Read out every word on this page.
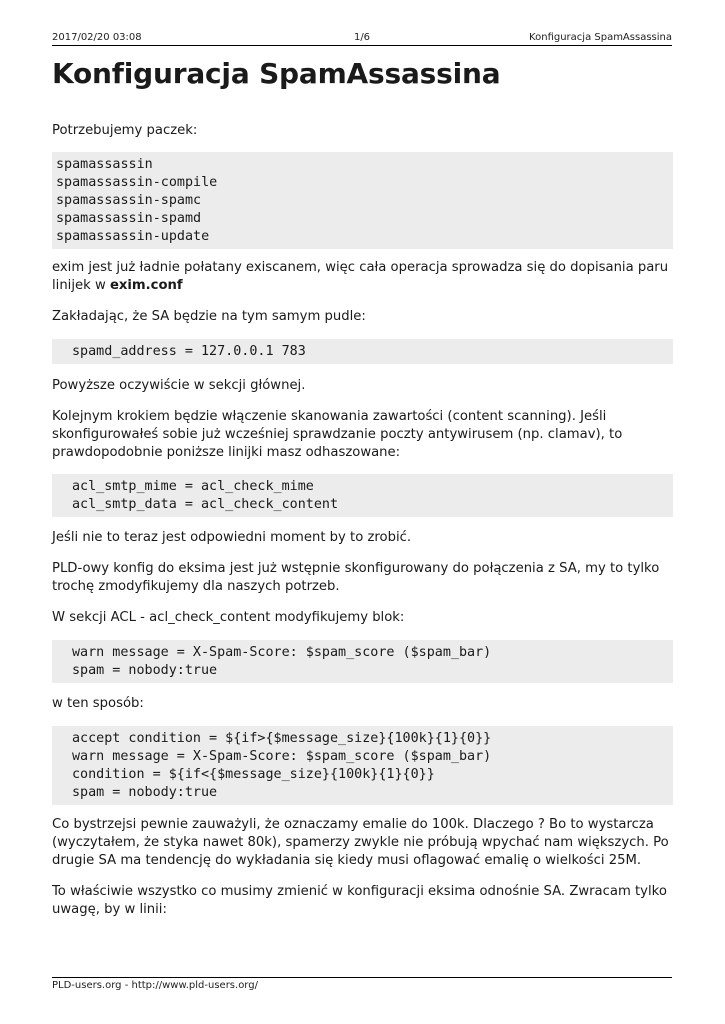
2017/02/20 03:08	1/6	Konfiguracja SpamAssassina
Konfiguracja SpamAssassina

Potrzebujemy paczek:

spamassassin
spamassassin-compile
spamassassin-spamc
spamassassin-spamd
spamassassin-update

exim jest już ładnie połatany exiscanem, więc cała operacja sprowadza się do dopisania paru linijek w exim.conf

Zakładając, że SA będzie na tym samym pudle:

spamd_address = 127.0.0.1 783

Powyższe oczywiście w sekcji głównej.

Kolejnym krokiem będzie włączenie skanowania zawartości (content scanning). Jeśli skonfigurowałeś sobie już wcześniej sprawdzanie poczty antywirusem (np. clamav), to prawdopodobnie poniższe linijki masz odhaszowane:

acl_smtp_mime = acl_check_mime
acl_smtp_data = acl_check_content

Jeśli nie to teraz jest odpowiedni moment by to zrobić.

PLD-owy konfig do eksima jest już wstępnie skonfigurowany do połączenia z SA, my to tylko trochę zmodyfikujemy dla naszych potrzeb.

W sekcji ACL - acl_check_content modyfikujemy blok:

warn message = X-Spam-Score: $spam_score ($spam_bar)
spam = nobody:true

w ten sposób:

accept condition = ${if>{$message_size}{100k}{1}{0}}
warn message = X-Spam-Score: $spam_score ($spam_bar)
condition = ${if<{$message_size}{100k}{1}{0}}
spam = nobody:true

Co bystrzejsi pewnie zauważyli, że oznaczamy emalie do 100k. Dlaczego ? Bo to wystarcza (wyczytałem, że styka nawet 80k), spamerzy zwykle nie próbują wpychać nam większych. Po drugie SA ma tendencję do wykładania się kiedy musi oflagować emalię o wielkości 25M.

To właściwie wszystko co musimy zmienić w konfiguracji eksima odnośnie SA. Zwracam tylko uwagę, by w linii:

PLD-users.org - http://www.pld-users.org/
